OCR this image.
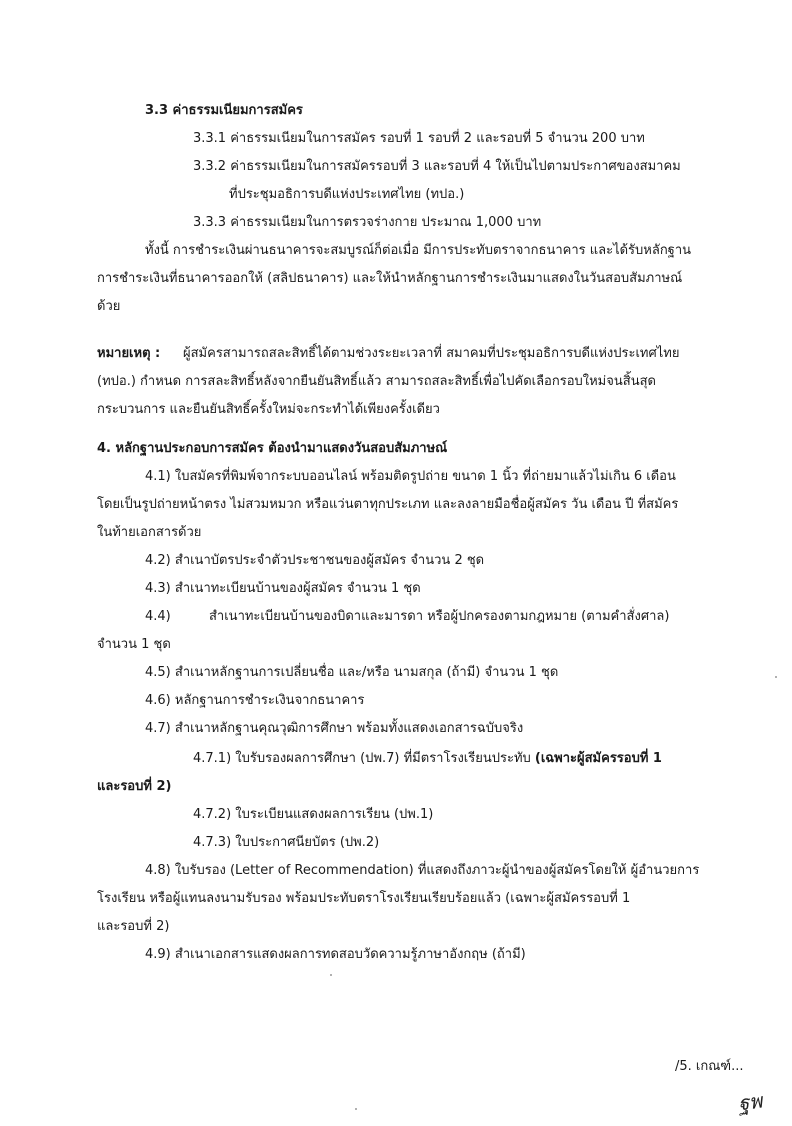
3.3 ค่าธรรมเนียมการสมัคร
3.3.1 ค่าธรรมเนียมในการสมัคร รอบที่ 1 รอบที่ 2 และรอบที่ 5 จำนวน 200 บาท
3.3.2 ค่าธรรมเนียมในการสมัครรอบที่ 3 และรอบที่ 4 ให้เป็นไปตามประกาศของสมาคม
ที่ประชุมอธิการบดีแห่งประเทศไทย (ทปอ.)
3.3.3 ค่าธรรมเนียมในการตรวจร่างกาย ประมาณ 1,000 บาท
ทั้งนี้ การชำระเงินผ่านธนาคารจะสมบูรณ์ก็ต่อเมื่อ มีการประทับตราจากธนาคาร และได้รับหลักฐาน
การชำระเงินที่ธนาคารออกให้ (สลิปธนาคาร) และให้นำหลักฐานการชำระเงินมาแสดงในวันสอบสัมภาษณ์
ด้วย
หมายเหตุ : ผู้สมัครสามารถสละสิทธิ์ได้ตามช่วงระยะเวลาที่ สมาคมที่ประชุมอธิการบดีแห่งประเทศไทย
(ทปอ.) กำหนด การสละสิทธิ์หลังจากยืนยันสิทธิ์แล้ว สามารถสละสิทธิ์เพื่อไปคัดเลือกรอบใหม่จนสิ้นสุด
กระบวนการ และยืนยันสิทธิ์ครั้งใหม่จะกระทำได้เพียงครั้งเดียว
4. หลักฐานประกอบการสมัคร ต้องนำมาแสดงวันสอบสัมภาษณ์
4.1) ใบสมัครที่พิมพ์จากระบบออนไลน์ พร้อมติดรูปถ่าย ขนาด 1 นิ้ว ที่ถ่ายมาแล้วไม่เกิน 6 เดือน
โดยเป็นรูปถ่ายหน้าตรง ไม่สวมหมวก หรือแว่นตาทุกประเภท และลงลายมือชื่อผู้สมัคร วัน เดือน ปี ที่สมัคร
ในท้ายเอกสารด้วย
4.2) สำเนาบัตรประจำตัวประชาชนของผู้สมัคร จำนวน 2 ชุด
4.3) สำเนาทะเบียนบ้านของผู้สมัคร จำนวน 1 ชุด
4.4)	สำเนาทะเบียนบ้านของบิดาและมารดา หรือผู้ปกครองตามกฎหมาย (ตามคำสั่งศาล)
จำนวน 1 ชุด
4.5) สำเนาหลักฐานการเปลี่ยนชื่อ และ/หรือ นามสกุล (ถ้ามี) จำนวน 1 ชุด
4.6) หลักฐานการชำระเงินจากธนาคาร
4.7) สำเนาหลักฐานคุณวุฒิการศึกษา พร้อมทั้งแสดงเอกสารฉบับจริง
4.7.1) ใบรับรองผลการศึกษา (ปพ.7) ที่มีตราโรงเรียนประทับ (เฉพาะผู้สมัครรอบที่ 1
และรอบที่ 2)
4.7.2) ใบระเบียนแสดงผลการเรียน (ปพ.1)
4.7.3) ใบประกาศนียบัตร (ปพ.2)
4.8) ใบรับรอง (Letter of Recommendation) ที่แสดงถึงภาวะผู้นำของผู้สมัครโดยให้ ผู้อำนวยการ
โรงเรียน หรือผู้แทนลงนามรับรอง พร้อมประทับตราโรงเรียนเรียบร้อยแล้ว (เฉพาะผู้สมัครรอบที่ 1
และรอบที่ 2)
4.9) สำเนาเอกสารแสดงผลการทดสอบวัดความรู้ภาษาอังกฤษ (ถ้ามี)
/5. เกณฑ์...
ฐพ
